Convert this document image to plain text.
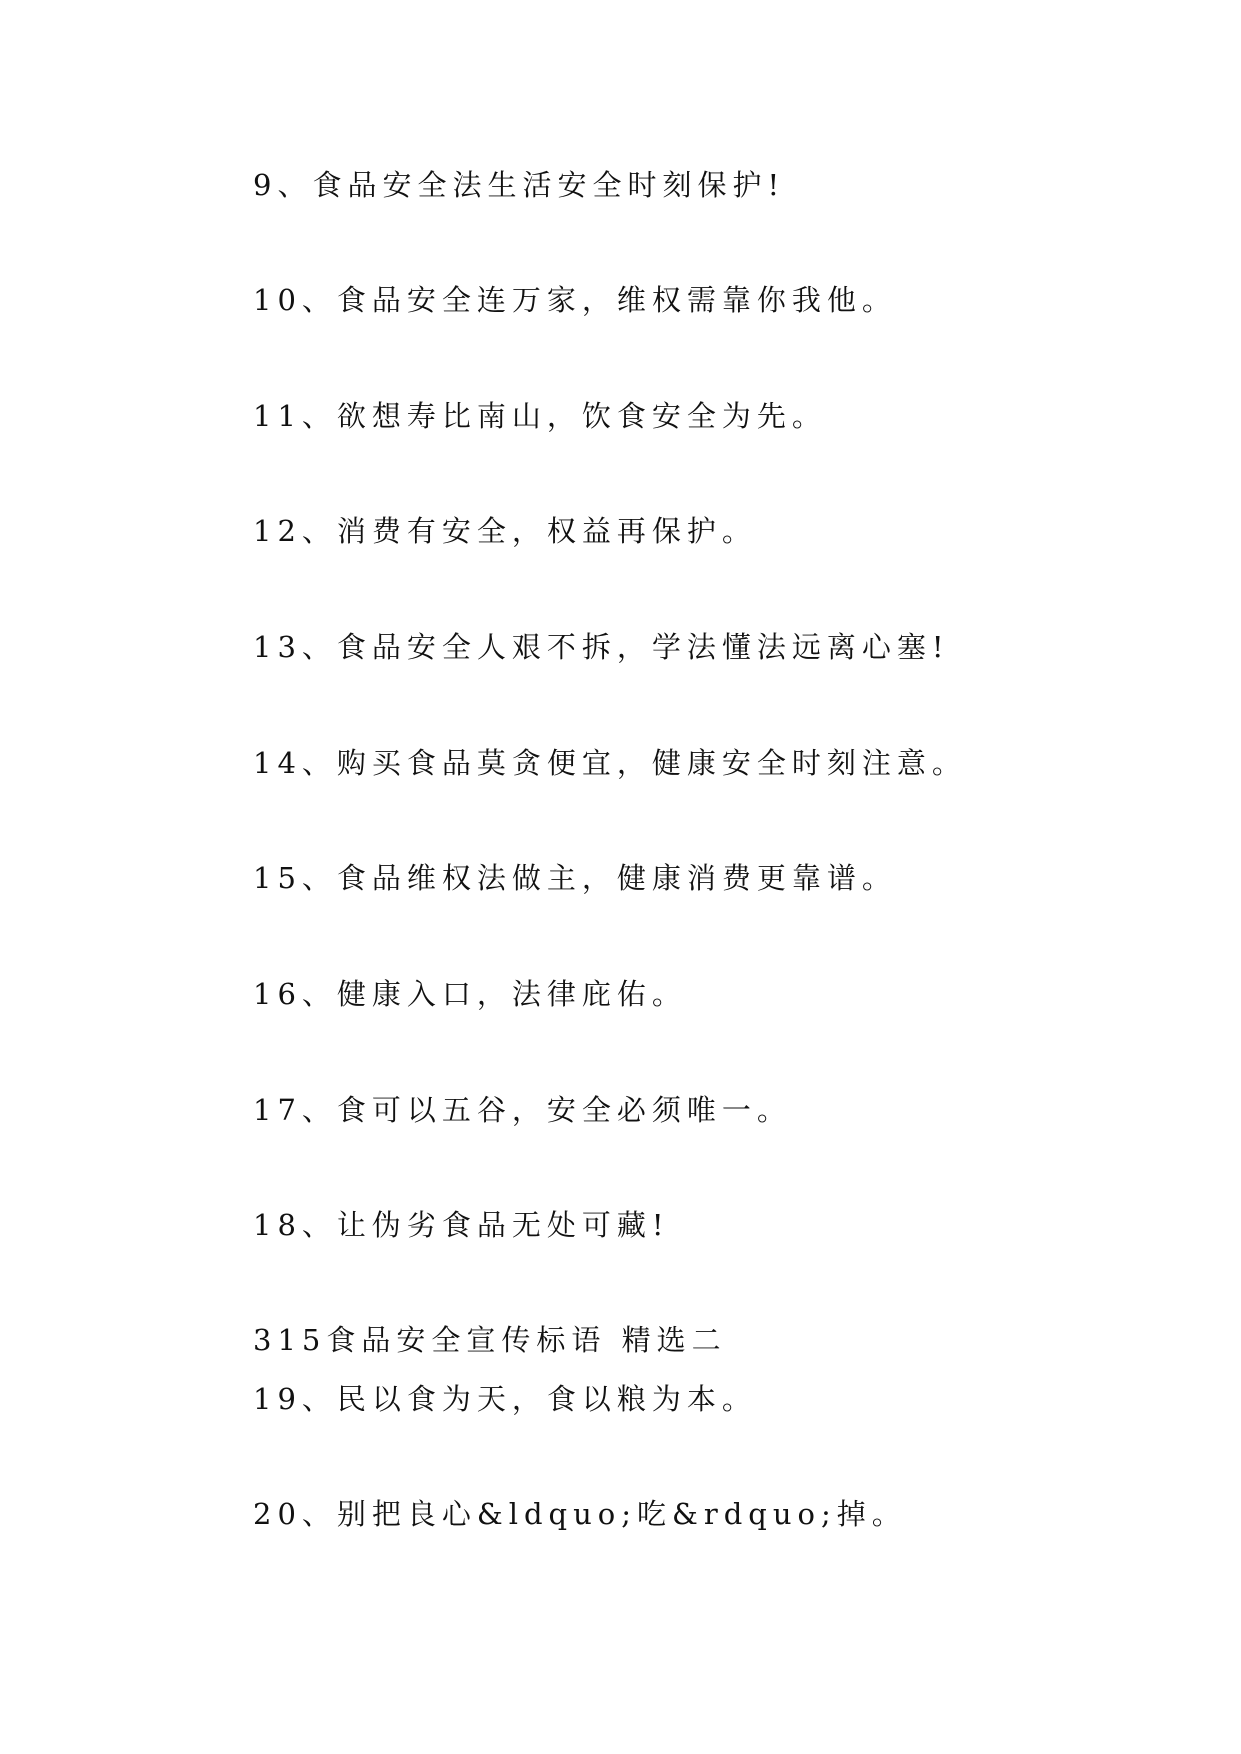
9、食品安全法生活安全时刻保护!
10、食品安全连万家，维权需靠你我他。
11、欲想寿比南山，饮食安全为先。
12、消费有安全，权益再保护。
13、食品安全人艰不拆，学法懂法远离心塞!
14、购买食品莫贪便宜，健康安全时刻注意。
15、食品维权法做主，健康消费更靠谱。
16、健康入口，法律庇佑。
17、食可以五谷，安全必须唯一。
18、让伪劣食品无处可藏!
315食品安全宣传标语 精选二
19、民以食为天，食以粮为本。
20、别把良心&ldquo;吃&rdquo;掉。
